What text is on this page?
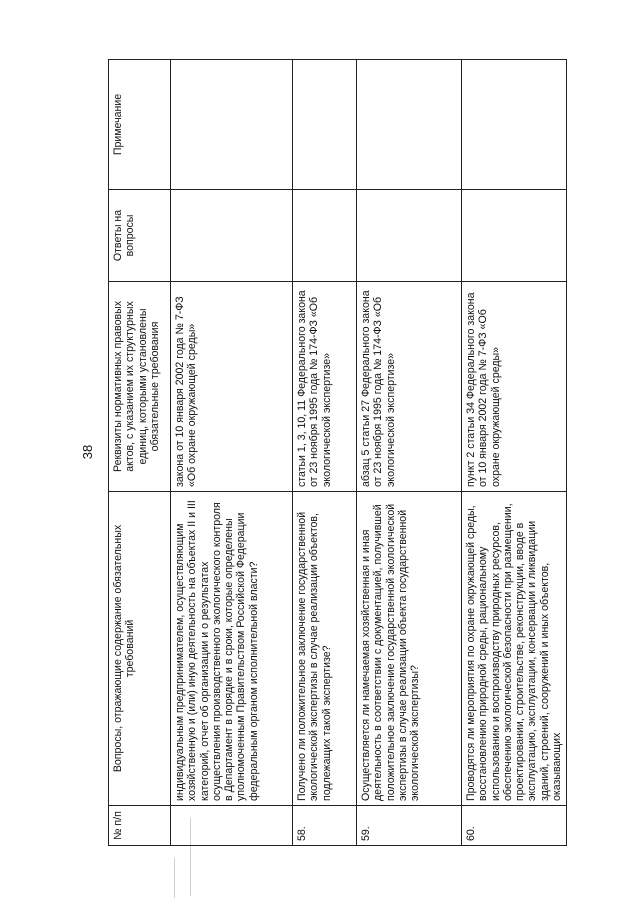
38
№ п/п	Вопросы, отражающие содержание обязательных требований	Реквизиты нормативных правовых актов, с указанием их структурных единиц, которыми установлены обязательные требования	Ответы на вопросы	Примечание
	индивидуальным предпринимателем, осуществляющим хозяйственную и (или) иную деятельность на объектах II и III категорий, отчет об организации и о результатах осуществления производственного экологического контроля в Департамент в порядке и в сроки, которые определены уполномоченным Правительством Российской Федерации федеральным органом исполнительной власти?	закона от 10 января 2002 года № 7-ФЗ «Об охране окружающей среды»		
58.	Получено ли положительное заключение государственной экологической экспертизы в случае реализации объектов, подлежащих такой экспертизе?	статьи 1, 3, 10, 11 Федерального закона от 23 ноября 1995 года № 174-ФЗ «Об экологической экспертизе»		
59.	Осуществляется ли намечаемая хозяйственная и иная деятельность в соответствии с документацией, получившей положительное заключение государственной экологической экспертизы в случае реализации объекта государственной экологической экспертизы?	абзац 5 статьи 27 Федерального закона от 23 ноября 1995 года № 174-ФЗ «Об экологической экспертизе»		
60.	Проводятся ли мероприятия по охране окружающей среды, восстановлению природной среды, рациональному использованию и воспроизводству природных ресурсов, обеспечению экологической безопасности при размещении, проектировании, строительстве, реконструкции, вводе в эксплуатацию, эксплуатации, консервации и ликвидации зданий, строений, сооружений и иных объектов, оказывающих	пункт 2 статьи 34 Федерального закона от 10 января 2002 года № 7-ФЗ «Об охране окружающей среды»		
